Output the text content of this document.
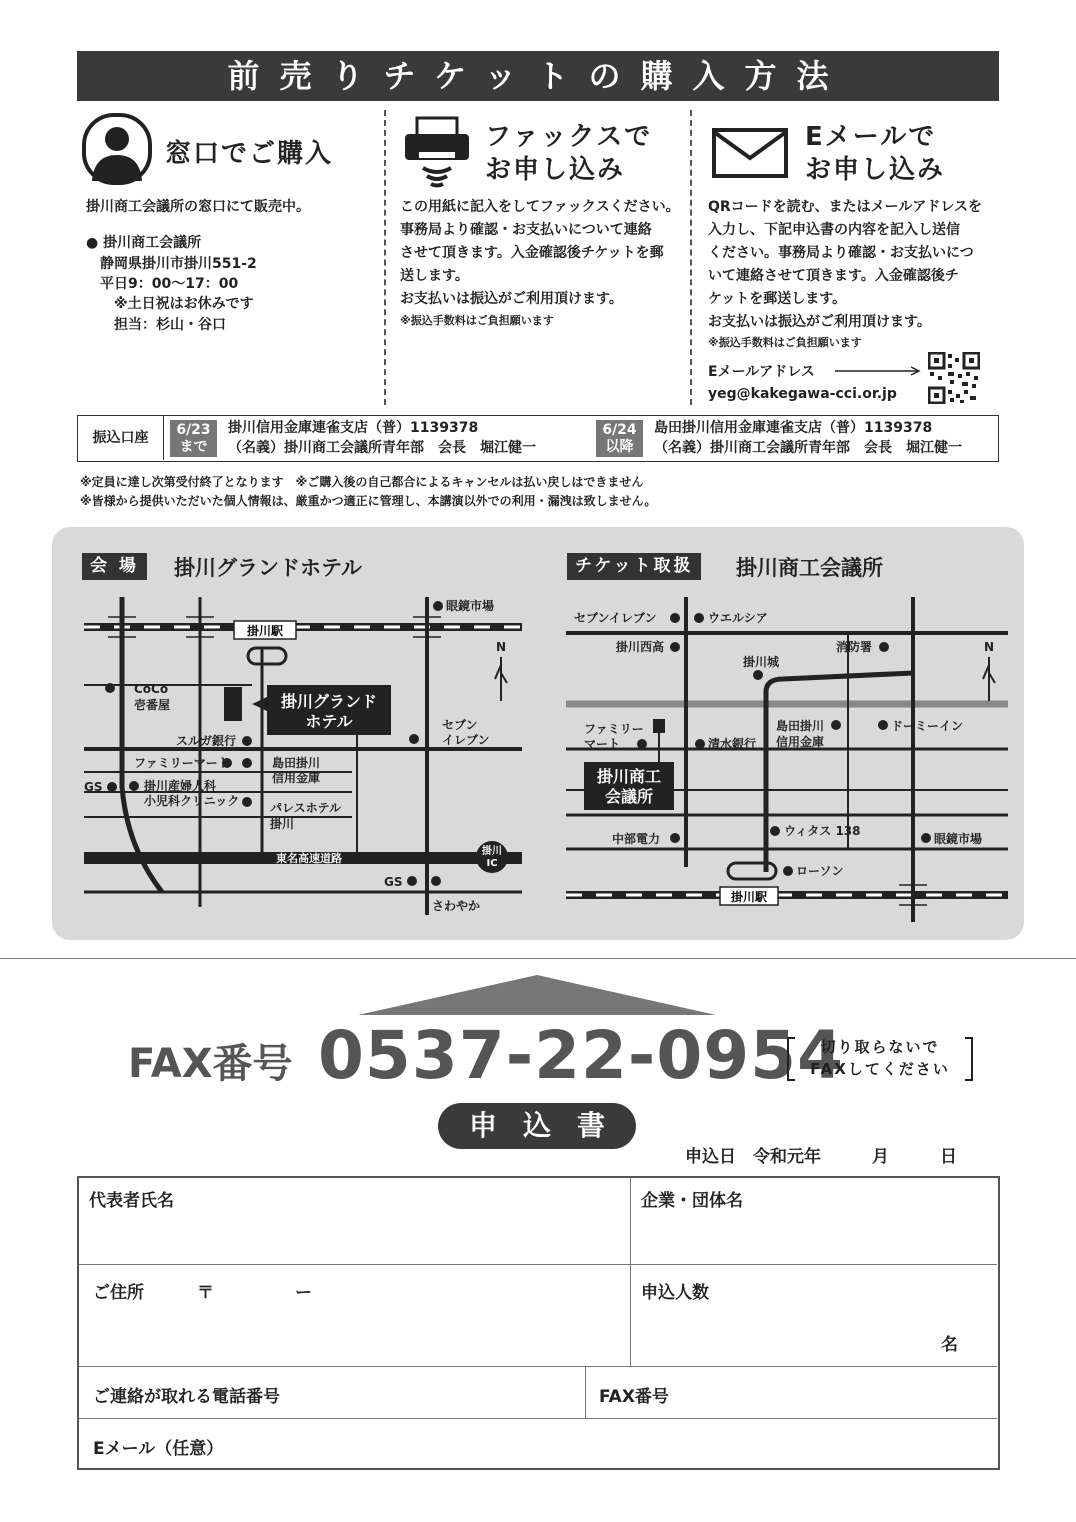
前売りチケットの購入方法
窓口でご購入
掛川商工会議所の窓口にて販売中。
● 掛川商工会議所
静岡県掛川市掛川551-2
平日9：00〜17：00
※土日祝はお休みです
担当：杉山・谷口
ファックスで
お申し込み
この用紙に記入をしてファックスください。
事務局より確認・お支払いについて連絡
させて頂きます。入金確認後チケットを郵
送します。
お支払いは振込がご利用頂けます。
※振込手数料はご負担願います
Eメールで
お申し込み
QRコードを読む、またはメールアドレスを
入力し、下記申込書の内容を記入し送信
ください。事務局より確認・お支払いにつ
いて連絡させて頂きます。入金確認後チ
ケットを郵送します。
お支払いは振込がご利用頂けます。
※振込手数料はご負担願います
Eメールアドレス
yeg@kakegawa-cci.or.jp
振込口座	6/23
まで
掛川信用金庫連雀支店（普）1139378
（名義）掛川商工会議所青年部　会長　堀江健一
6/24
以降
島田掛川信用金庫連雀支店（普）1139378
（名義）掛川商工会議所青年部　会長　堀江健一
※定員に達し次第受付終了となります　※ご購入後の自己都合によるキャンセルは払い戻しはできません
※皆様から提供いただいた個人情報は、厳重かつ適正に管理し、本講演以外での利用・漏洩は致しません。
会 場	掛川グランドホテル	チケット取扱	掛川商工会議所
掛川駅
掛川グランド
ホテル
掛川
IC
眼鏡市場
CoCo
壱番屋
スルガ銀行
セブン
イレブン
ファミリーマート	島田掛川
信用金庫
GS	掛川産婦人科
小児科クリニック	パレスホテル
掛川
GS
さわやか
N
東名高速道路
掛川駅
掛川商工
会議所
セブンイレブン	ウエルシア
掛川西高	消防署
掛川城
ファミリー
マート	清水銀行
島田掛川
信用金庫
ドーミーイン
中部電力
ウィタス 138
眼鏡市場
ローソン
N
FAX番号 0537-22-0954
切り取らないで
FAXしてください
申込書
申込日　令和元年　　　月　　　日
代表者氏名	企業・団体名
ご住所	〒	ー	申込人数
名
ご連絡が取れる電話番号	FAX番号
Eメール（任意）
